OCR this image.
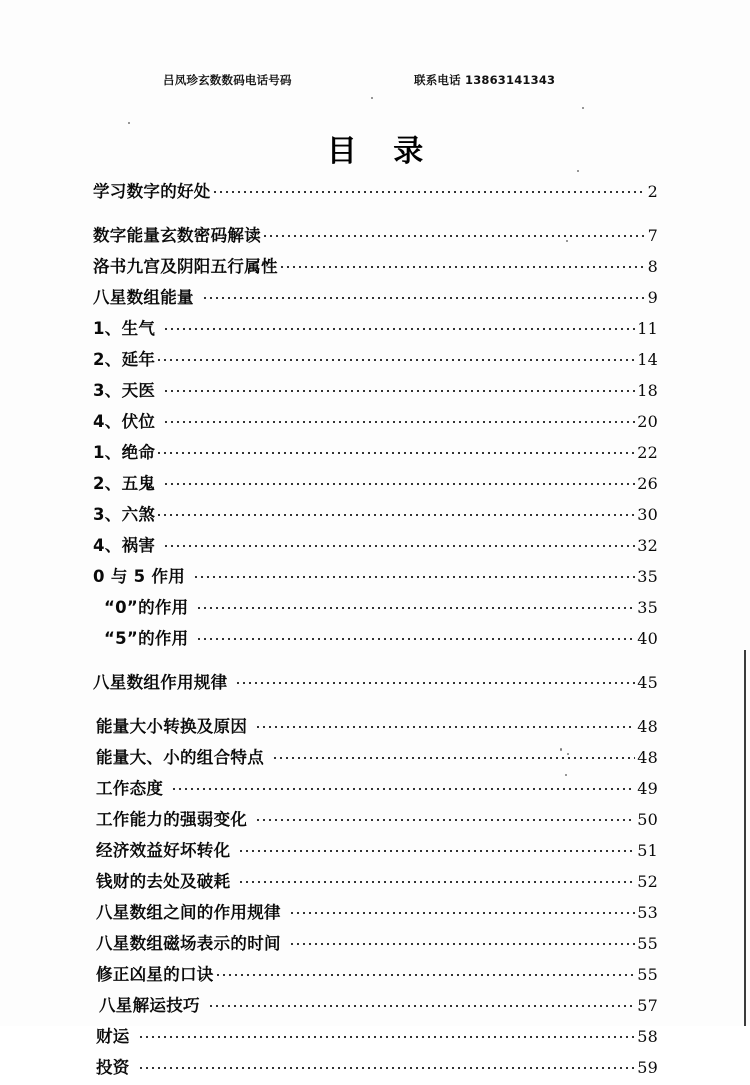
吕凤珍玄数数码电话号码	联系电话 13863141343
目 录
学习数字的好处	2
数字能量玄数密码解读	7
洛书九宫及阴阳五行属性	8
八星数组能量	9
1、生气	11
2、延年	14
3、天医	18
4、伏位	20
1、绝命	22
2、五鬼	26
3、六煞	30
4、祸害	32
0 与 5 作用	35
“0”的作用	35
“5”的作用	40
八星数组作用规律	45
能量大小转换及原因	48
能量大、小的组合特点	48
工作态度	49
工作能力的强弱变化	50
经济效益好坏转化	51
钱财的去处及破耗	52
八星数组之间的作用规律	53
八星数组磁场表示的时间	55
修正凶星的口诀	55
八星解运技巧	57
财运	58
投资	59
